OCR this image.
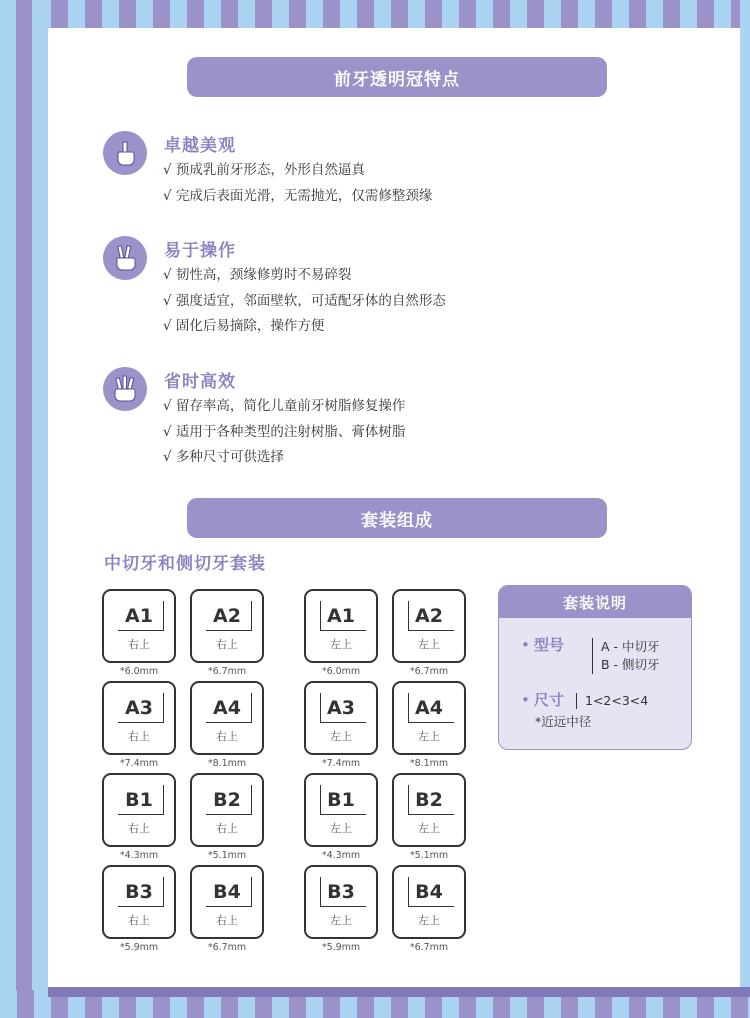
前牙透明冠特点
卓越美观
√ 预成乳前牙形态，外形自然逼真
√ 完成后表面光滑，无需抛光，仅需修整颈缘
易于操作
√ 韧性高，颈缘修剪时不易碎裂
√ 强度适宜，邻面壁软，可适配牙体的自然形态
√ 固化后易摘除，操作方便
省时高效
√ 留存率高，简化儿童前牙树脂修复操作
√ 适用于各种类型的注射树脂、膏体树脂
√ 多种尺寸可供选择
套装组成
中切牙和侧切牙套装
A1
右上
*6.0mm
A2
右上
*6.7mm
A3
右上
*7.4mm
A4
右上
*8.1mm
B1
右上
*4.3mm
B2
右上
*5.1mm
B3
右上
*5.9mm
B4
右上
*6.7mm
A1
左上
*6.0mm
A2
左上
*6.7mm
A3
左上
*7.4mm
A4
左上
*8.1mm
B1
左上
*4.3mm
B2
左上
*5.1mm
B3
左上
*5.9mm
B4
左上
*6.7mm
套装说明
• 型号	A - 中切牙
B - 侧切牙
• 尺寸 1<2<3<4
*近远中径
